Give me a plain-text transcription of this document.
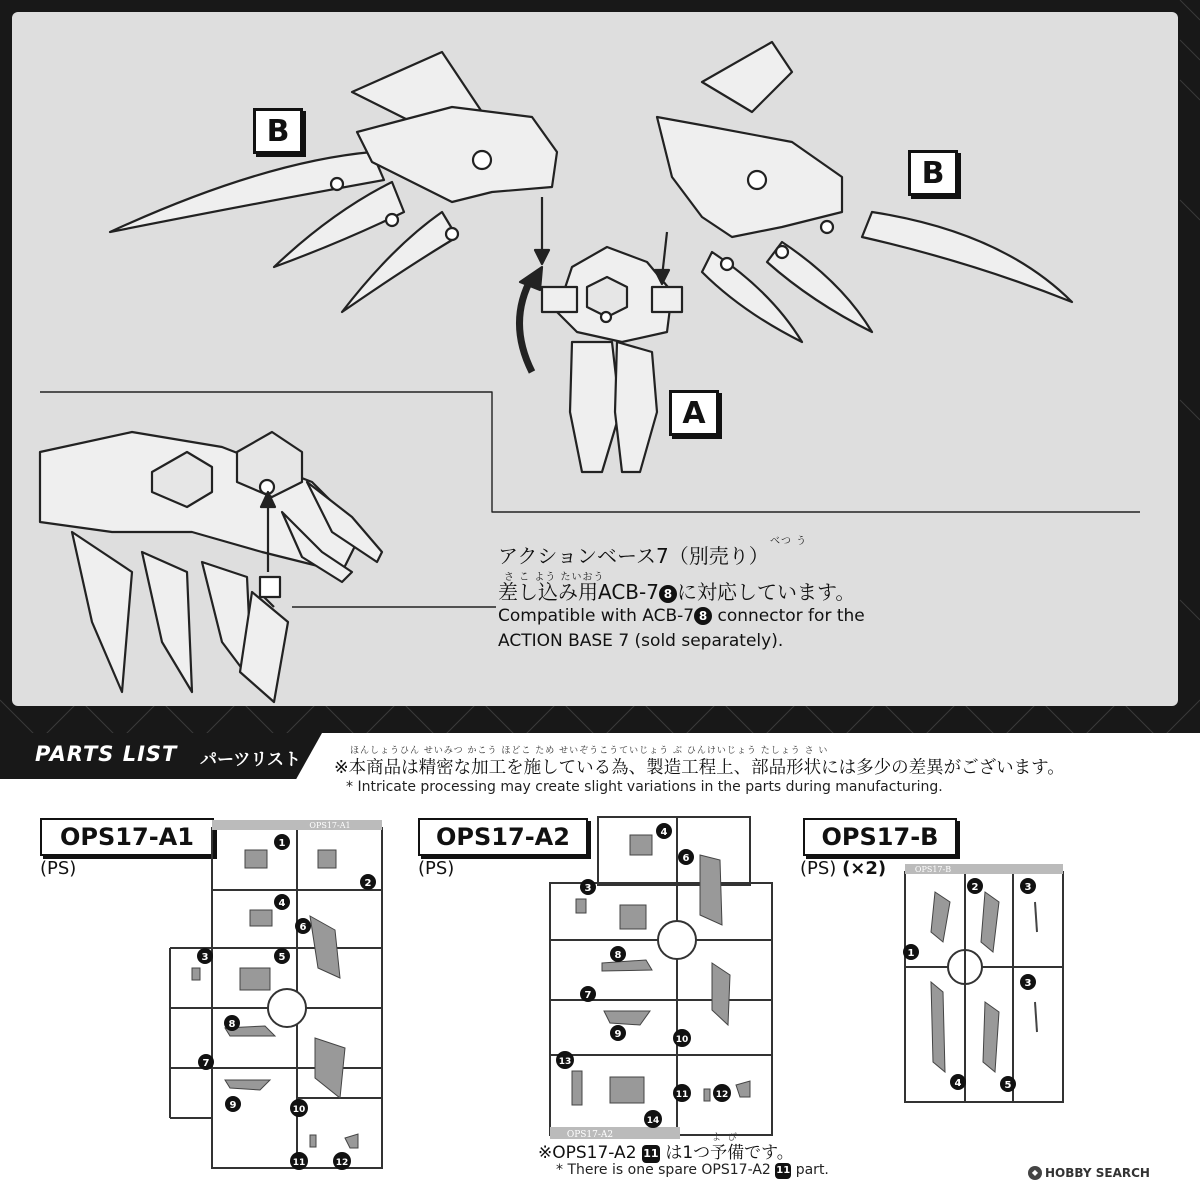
B
B
A
べつ う
アクションベース7（別売り）
さ こ よう たいおう
差し込み用ACB-7 8 に対応しています。
Compatible with ACB-7 8 connector for the
ACTION BASE 7 (sold separately).
PARTS LIST パーツリスト	ほんしょうひん せいみつ かこう ほどこ ため せいぞうこうていじょう ぶ ひんけいじょう たしょう さ い
※本商品は精密な加工を施している為、製造工程上、部品形状には多少の差異がございます。
* Intricate processing may create slight variations in the parts during manufacturing.
OPS17-A1
(PS)
OPS17-A2
(PS)
OPS17-B
(PS) (×2)
OPS17-A1
1
2
3
4
5
6
7
8
9	10
11	12
OPS17-A2
3
4
6
7
8
9	10
11	12
13
14
OPS17-B
1
2	3
3
4	5
よ び
※OPS17-A2 11 は1つ予備です。
* There is one spare OPS17-A2 11 part.	◆ HOBBY SEARCH
